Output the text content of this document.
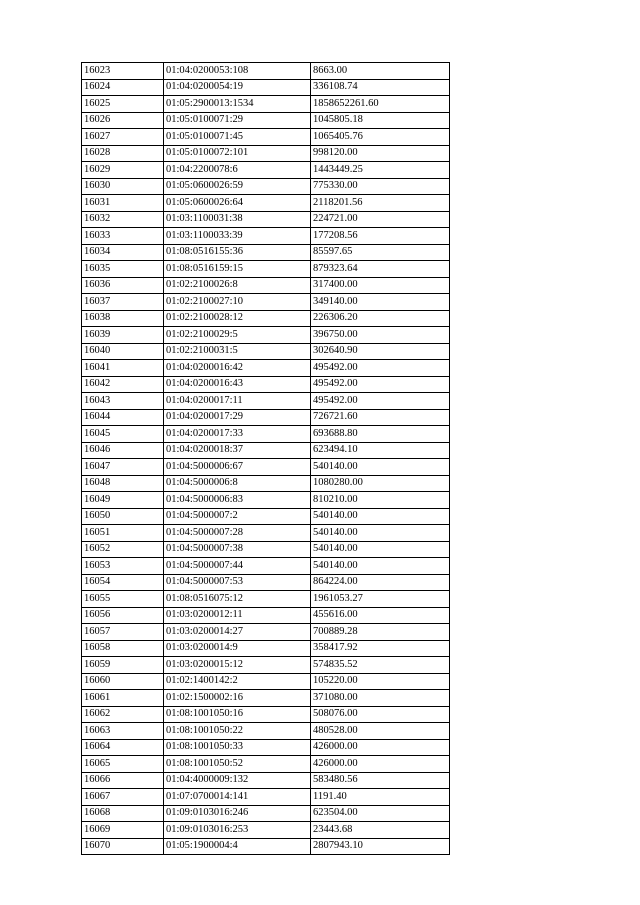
16023	01:04:0200053:108	8663.00
16024	01:04:0200054:19	336108.74
16025	01:05:2900013:1534	1858652261.60
16026	01:05:0100071:29	1045805.18
16027	01:05:0100071:45	1065405.76
16028	01:05:0100072:101	998120.00
16029	01:04:2200078:6	1443449.25
16030	01:05:0600026:59	775330.00
16031	01:05:0600026:64	2118201.56
16032	01:03:1100031:38	224721.00
16033	01:03:1100033:39	177208.56
16034	01:08:0516155:36	85597.65
16035	01:08:0516159:15	879323.64
16036	01:02:2100026:8	317400.00
16037	01:02:2100027:10	349140.00
16038	01:02:2100028:12	226306.20
16039	01:02:2100029:5	396750.00
16040	01:02:2100031:5	302640.90
16041	01:04:0200016:42	495492.00
16042	01:04:0200016:43	495492.00
16043	01:04:0200017:11	495492.00
16044	01:04:0200017:29	726721.60
16045	01:04:0200017:33	693688.80
16046	01:04:0200018:37	623494.10
16047	01:04:5000006:67	540140.00
16048	01:04:5000006:8	1080280.00
16049	01:04:5000006:83	810210.00
16050	01:04:5000007:2	540140.00
16051	01:04:5000007:28	540140.00
16052	01:04:5000007:38	540140.00
16053	01:04:5000007:44	540140.00
16054	01:04:5000007:53	864224.00
16055	01:08:0516075:12	1961053.27
16056	01:03:0200012:11	455616.00
16057	01:03:0200014:27	700889.28
16058	01:03:0200014:9	358417.92
16059	01:03:0200015:12	574835.52
16060	01:02:1400142:2	105220.00
16061	01:02:1500002:16	371080.00
16062	01:08:1001050:16	508076.00
16063	01:08:1001050:22	480528.00
16064	01:08:1001050:33	426000.00
16065	01:08:1001050:52	426000.00
16066	01:04:4000009:132	583480.56
16067	01:07:0700014:141	1191.40
16068	01:09:0103016:246	623504.00
16069	01:09:0103016:253	23443.68
16070	01:05:1900004:4	2807943.10
